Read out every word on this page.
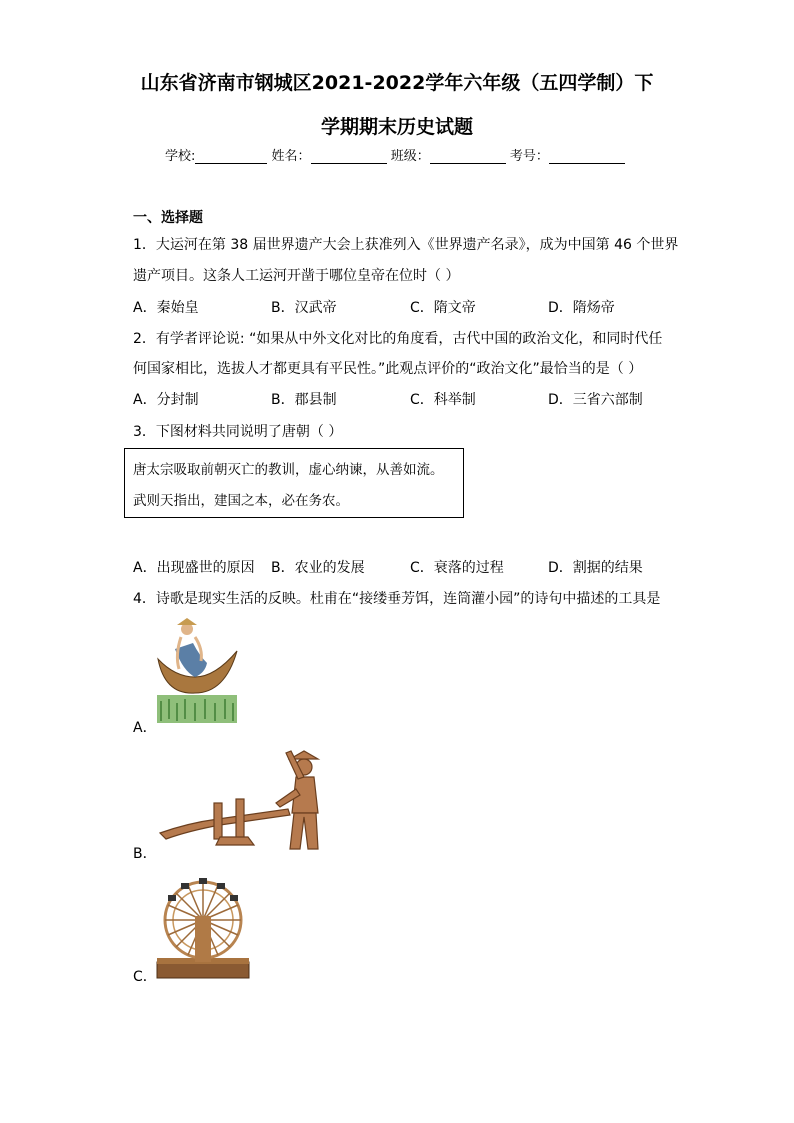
山东省济南市钢城区2021-2022学年六年级（五四学制）下
学期期末历史试题
学校:	姓名：	班级：	考号：
一、选择题
1．大运河在第 38 届世界遗产大会上获准列入《世界遗产名录》，成为中国第 46 个世界
遗产项目。这条人工运河开凿于哪位皇帝在位时（ ）
A．秦始皇	B．汉武帝	C．隋文帝	D．隋炀帝
2．有学者评论说: “如果从中外文化对比的角度看，古代中国的政治文化，和同时代任
何国家相比，选拔人才都更具有平民性。”此观点评价的“政治文化”最恰当的是（ ）
A．分封制	B．郡县制	C．科举制	D．三省六部制
3．下图材料共同说明了唐朝（ ）
唐太宗吸取前朝灭亡的教训，虚心纳谏，从善如流。
武则天指出，建国之本，必在务农。
A．出现盛世的原因 B．农业的发展	C．衰落的过程	D．割据的结果
4．诗歌是现实生活的反映。杜甫在“接缕垂芳饵，连筒灌小园”的诗句中描述的工具是
A．
B．
C．
